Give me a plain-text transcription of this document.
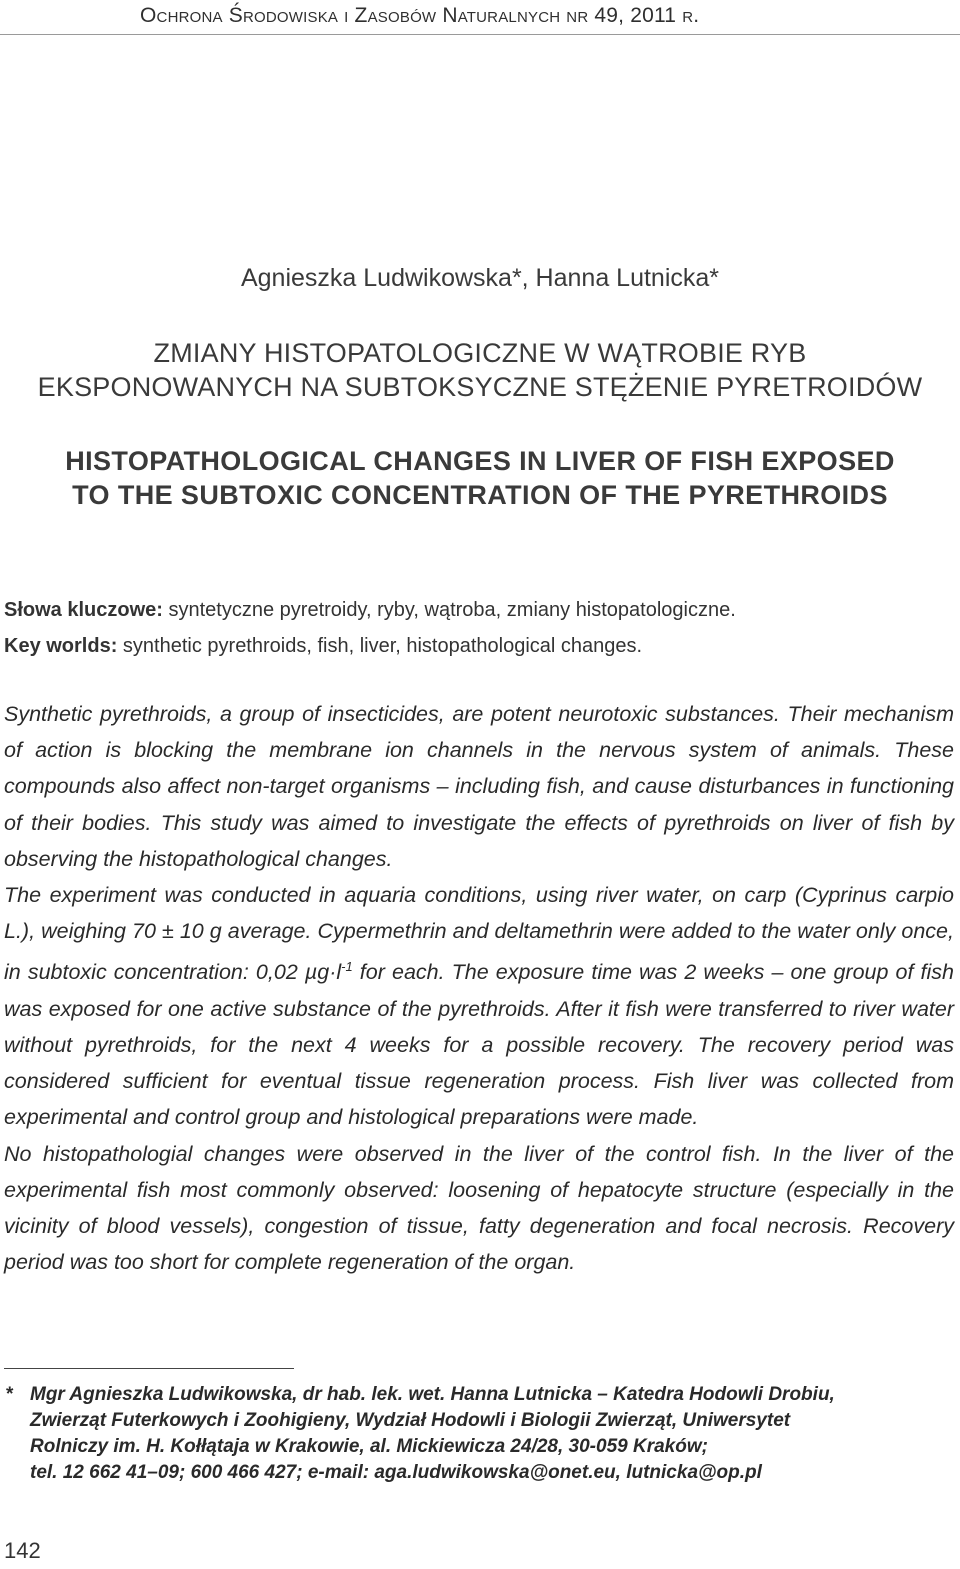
Ochrona Środowiska i Zasobów Naturalnych nr 49, 2011 r.
Agnieszka Ludwikowska*, Hanna Lutnicka*
ZMIANY HISTOPATOLOGICZNE W WĄTROBIE RYB
EKSPONOWANYCH NA SUBTOKSYCZNE STĘŻENIE PYRETROIDÓW
HISTOPATHOLOGICAL CHANGES IN LIVER OF FISH EXPOSED
TO THE SUBTOXIC CONCENTRATION OF THE PYRETHROIDS
Słowa kluczowe: syntetyczne pyretroidy, ryby, wątroba, zmiany histopatologiczne.
Key worlds: synthetic pyrethroids, fish, liver, histopathological changes.

Synthetic pyrethroids, a group of insecticides, are potent neurotoxic substances. Their mechanism of action is blocking the membrane ion channels in the nervous system of animals. These compounds also affect non-target organisms – including fish, and cause disturbances in functioning of their bodies. This study was aimed to investigate the effects of pyrethroids on liver of fish by observing the histopathological changes.

The experiment was conducted in aquaria conditions, using river water, on carp (Cyprinus carpio L.), weighing 70 ± 10 g average. Cypermethrin and deltamethrin were added to the water only once, in subtoxic concentration: 0,02 $\mu g\cdot l^{-1}$ for each. The exposure time was 2 weeks – one group of fish was exposed for one active substance of the pyrethroids. After it fish were transferred to river water without pyrethroids, for the next 4 weeks for a possible recovery. The recovery period was considered sufficient for eventual tissue regeneration process. Fish liver was collected from experimental and control group and histological preparations were made.

No histopathologial changes were observed in the liver of the control fish. In the liver of the experimental fish most commonly observed: loosening of hepatocyte structure (especially in the vicinity of blood vessels), congestion of tissue, fatty degeneration and focal necrosis. Recovery period was too short for complete regeneration of the organ.

* Mgr Agnieszka Ludwikowska, dr hab. lek. wet. Hanna Lutnicka – Katedra Hodowli Drobiu,
Zwierząt Futerkowych i Zoohigieny, Wydział Hodowli i Biologii Zwierząt, Uniwersytet
Rolniczy im. H. Kołłątaja w Krakowie, al. Mickiewicza 24/28, 30-059 Kraków;
tel. 12 662 41–09; 600 466 427; e-mail: aga.ludwikowska@onet.eu, lutnicka@op.pl
142
